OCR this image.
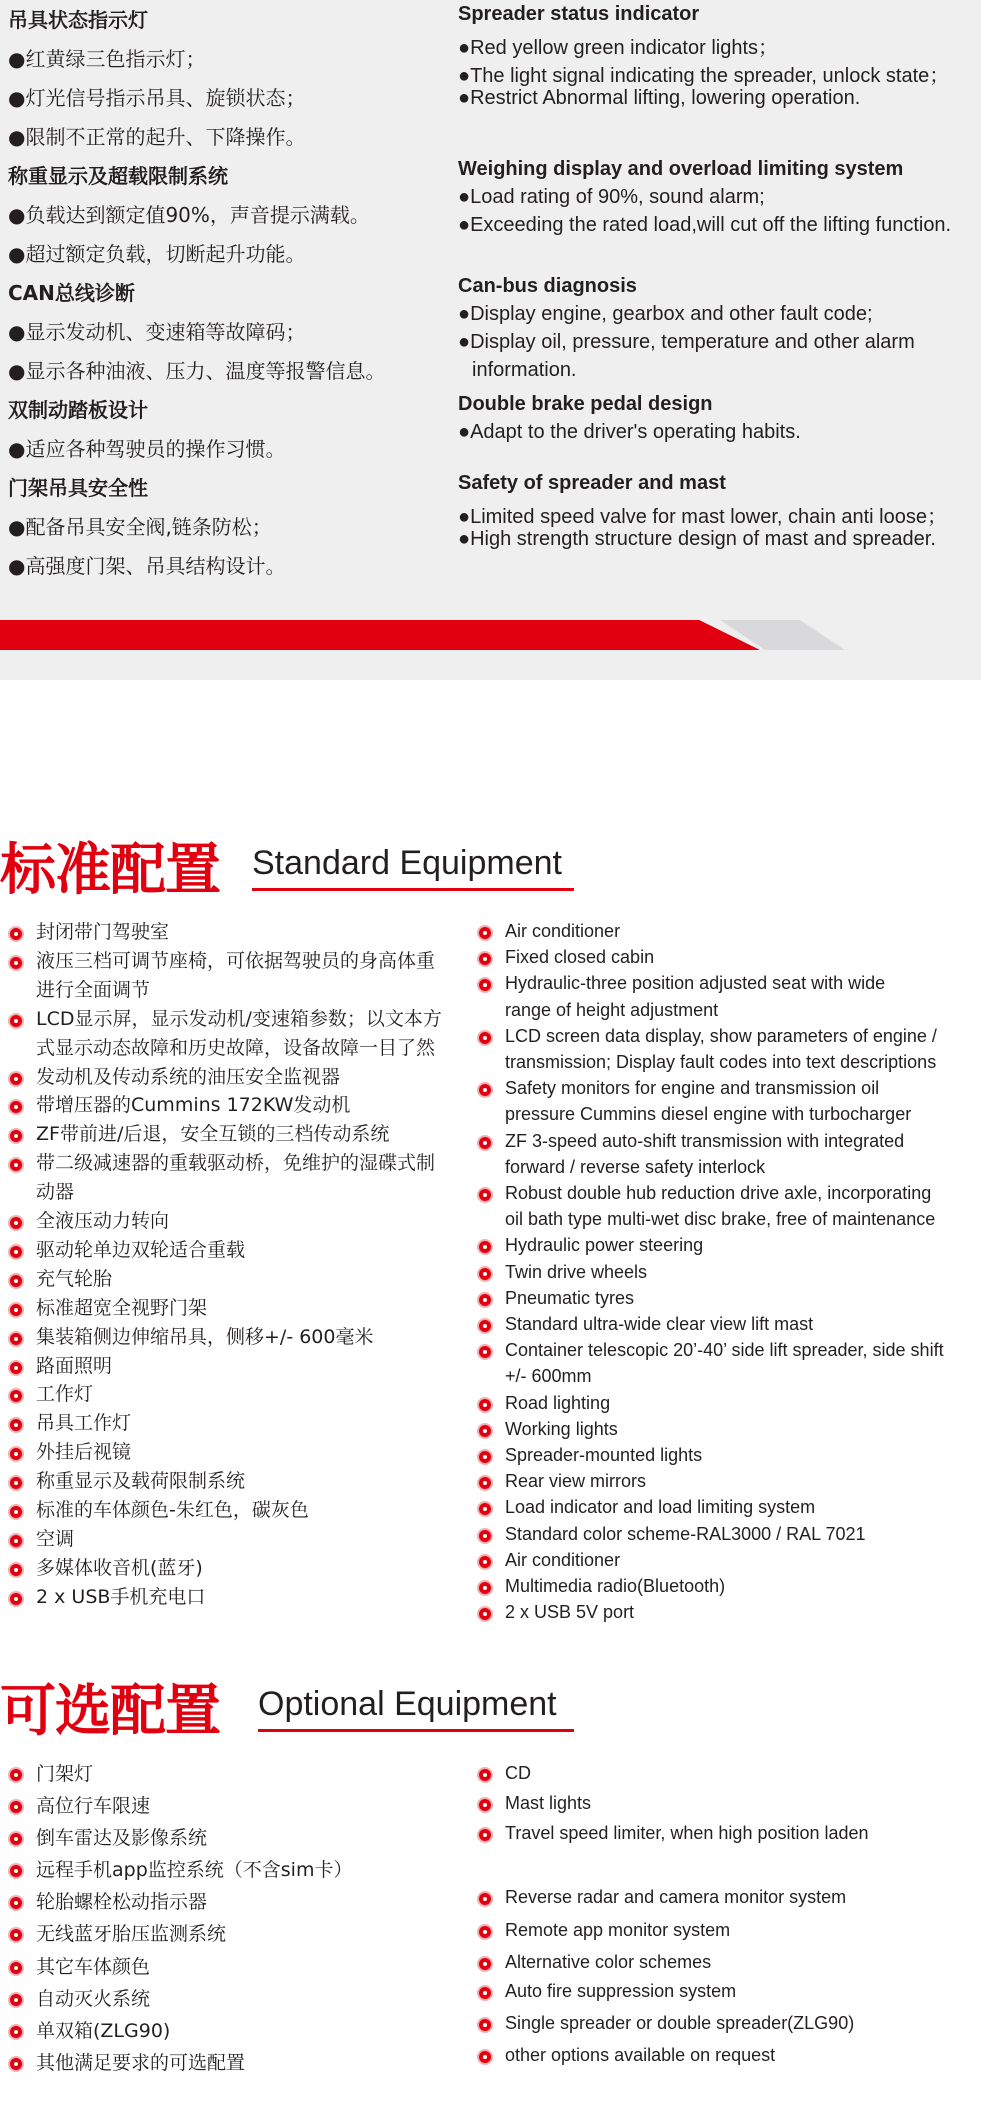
吊具状态指示灯
●红黄绿三色指示灯；
●灯光信号指示吊具、旋锁状态；
●限制不正常的起升、下降操作。
称重显示及超载限制系统
●负载达到额定值90%，声音提示满载。
●超过额定负载，切断起升功能。
CAN总线诊断
●显示发动机、变速箱等故障码；
●显示各种油液、压力、温度等报警信息。
双制动踏板设计
●适应各种驾驶员的操作习惯。
门架吊具安全性
●配备吊具安全阀,链条防松；
●高强度门架、吊具结构设计。
Spreader status indicator
●Red yellow green indicator lights；
●The light signal indicating the spreader, unlock state；
●Restrict Abnormal lifting, lowering operation.
Weighing display and overload limiting system
●Load rating of 90%, sound alarm;
●Exceeding the rated load,will cut off the lifting function.
Can-bus diagnosis
●Display engine, gearbox and other fault code;
●Display oil, pressure, temperature and other alarm
information.
Double brake pedal design
●Adapt to the driver's operating habits.
Safety of spreader and mast
●Limited speed valve for mast lower, chain anti loose；
●High strength structure design of mast and spreader.
标准配置 Standard Equipment
封闭带门驾驶室
液压三档可调节座椅，可依据驾驶员的身高体重
进行全面调节
LCD显示屏，显示发动机/变速箱参数；以文本方
式显示动态故障和历史故障，设备故障一目了然
发动机及传动系统的油压安全监视器
带增压器的Cummins 172KW发动机
ZF带前进/后退，安全互锁的三档传动系统
带二级减速器的重载驱动桥，免维护的湿碟式制
动器
全液压动力转向
驱动轮单边双轮适合重载
充气轮胎
标准超宽全视野门架
集装箱侧边伸缩吊具，侧移+/- 600毫米
路面照明
工作灯
吊具工作灯
外挂后视镜
称重显示及载荷限制系统
标准的车体颜色-朱红色，碳灰色
空调
多媒体收音机(蓝牙)
2 x USB手机充电口
Air conditioner
Fixed closed cabin
Hydraulic-three position adjusted seat with wide
range of height adjustment
LCD screen data display, show parameters of engine /
transmission; Display fault codes into text descriptions
Safety monitors for engine and transmission oil
pressure Cummins diesel engine with turbocharger
ZF 3-speed auto-shift transmission with integrated
forward / reverse safety interlock
Robust double hub reduction drive axle, incorporating
oil bath type multi-wet disc brake, free of maintenance
Hydraulic power steering
Twin drive wheels
Pneumatic tyres
Standard ultra-wide clear view lift mast
Container telescopic 20’-40’ side lift spreader, side shift
+/- 600mm
Road lighting
Working lights
Spreader-mounted lights
Rear view mirrors
Load indicator and load limiting system
Standard color scheme-RAL3000 / RAL 7021
Air conditioner
Multimedia radio(Bluetooth)
2 x USB 5V port
可选配置 Optional Equipment
门架灯
高位行车限速
倒车雷达及影像系统
远程手机app监控系统（不含sim卡）
轮胎螺栓松动指示器
无线蓝牙胎压监测系统
其它车体颜色
自动灭火系统
单双箱(ZLG90)
其他满足要求的可选配置
CD
Mast lights
Travel speed limiter, when high position laden
Reverse radar and camera monitor system
Remote app monitor system
Alternative color schemes
Auto fire suppression system
Single spreader or double spreader(ZLG90)
other options available on request
